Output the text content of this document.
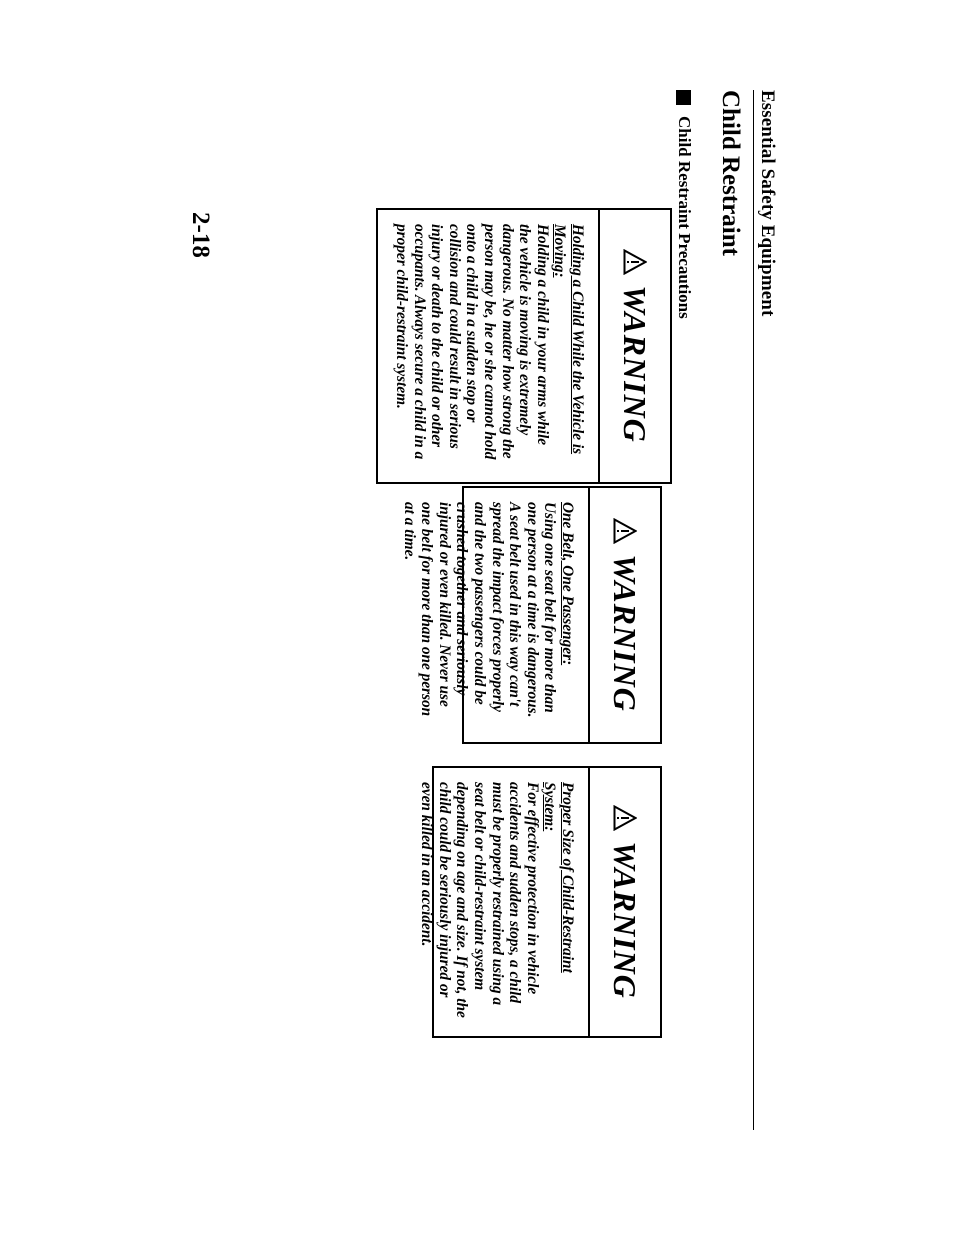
Essential Safety Equipment
Child Restraint
Child Restraint Precautions
WARNING
Holding a Child While the Vehicle is Moving:
Holding a child in your arms while the vehicle is moving is extremely dangerous. No matter how strong the person may be, he or she cannot hold onto a child in a sudden stop or collision and could result in serious injury or death to the child or other occupants. Always secure a child in a proper child-restraint system.
WARNING
One Belt, One Passenger:
Using one seat belt for more than one person at a time is dangerous. A seat belt used in this way can't spread the impact forces properly and the two passengers could be crushed together and seriously injured or even killed. Never use one belt for more than one person at a time.
WARNING
Proper Size of Child-Restraint System:
For effective protection in vehicle accidents and sudden stops, a child must be properly restrained using a seat belt or child-restraint system depending on age and size. If not, the child could be seriously injured or even killed in an accident.
2-18
